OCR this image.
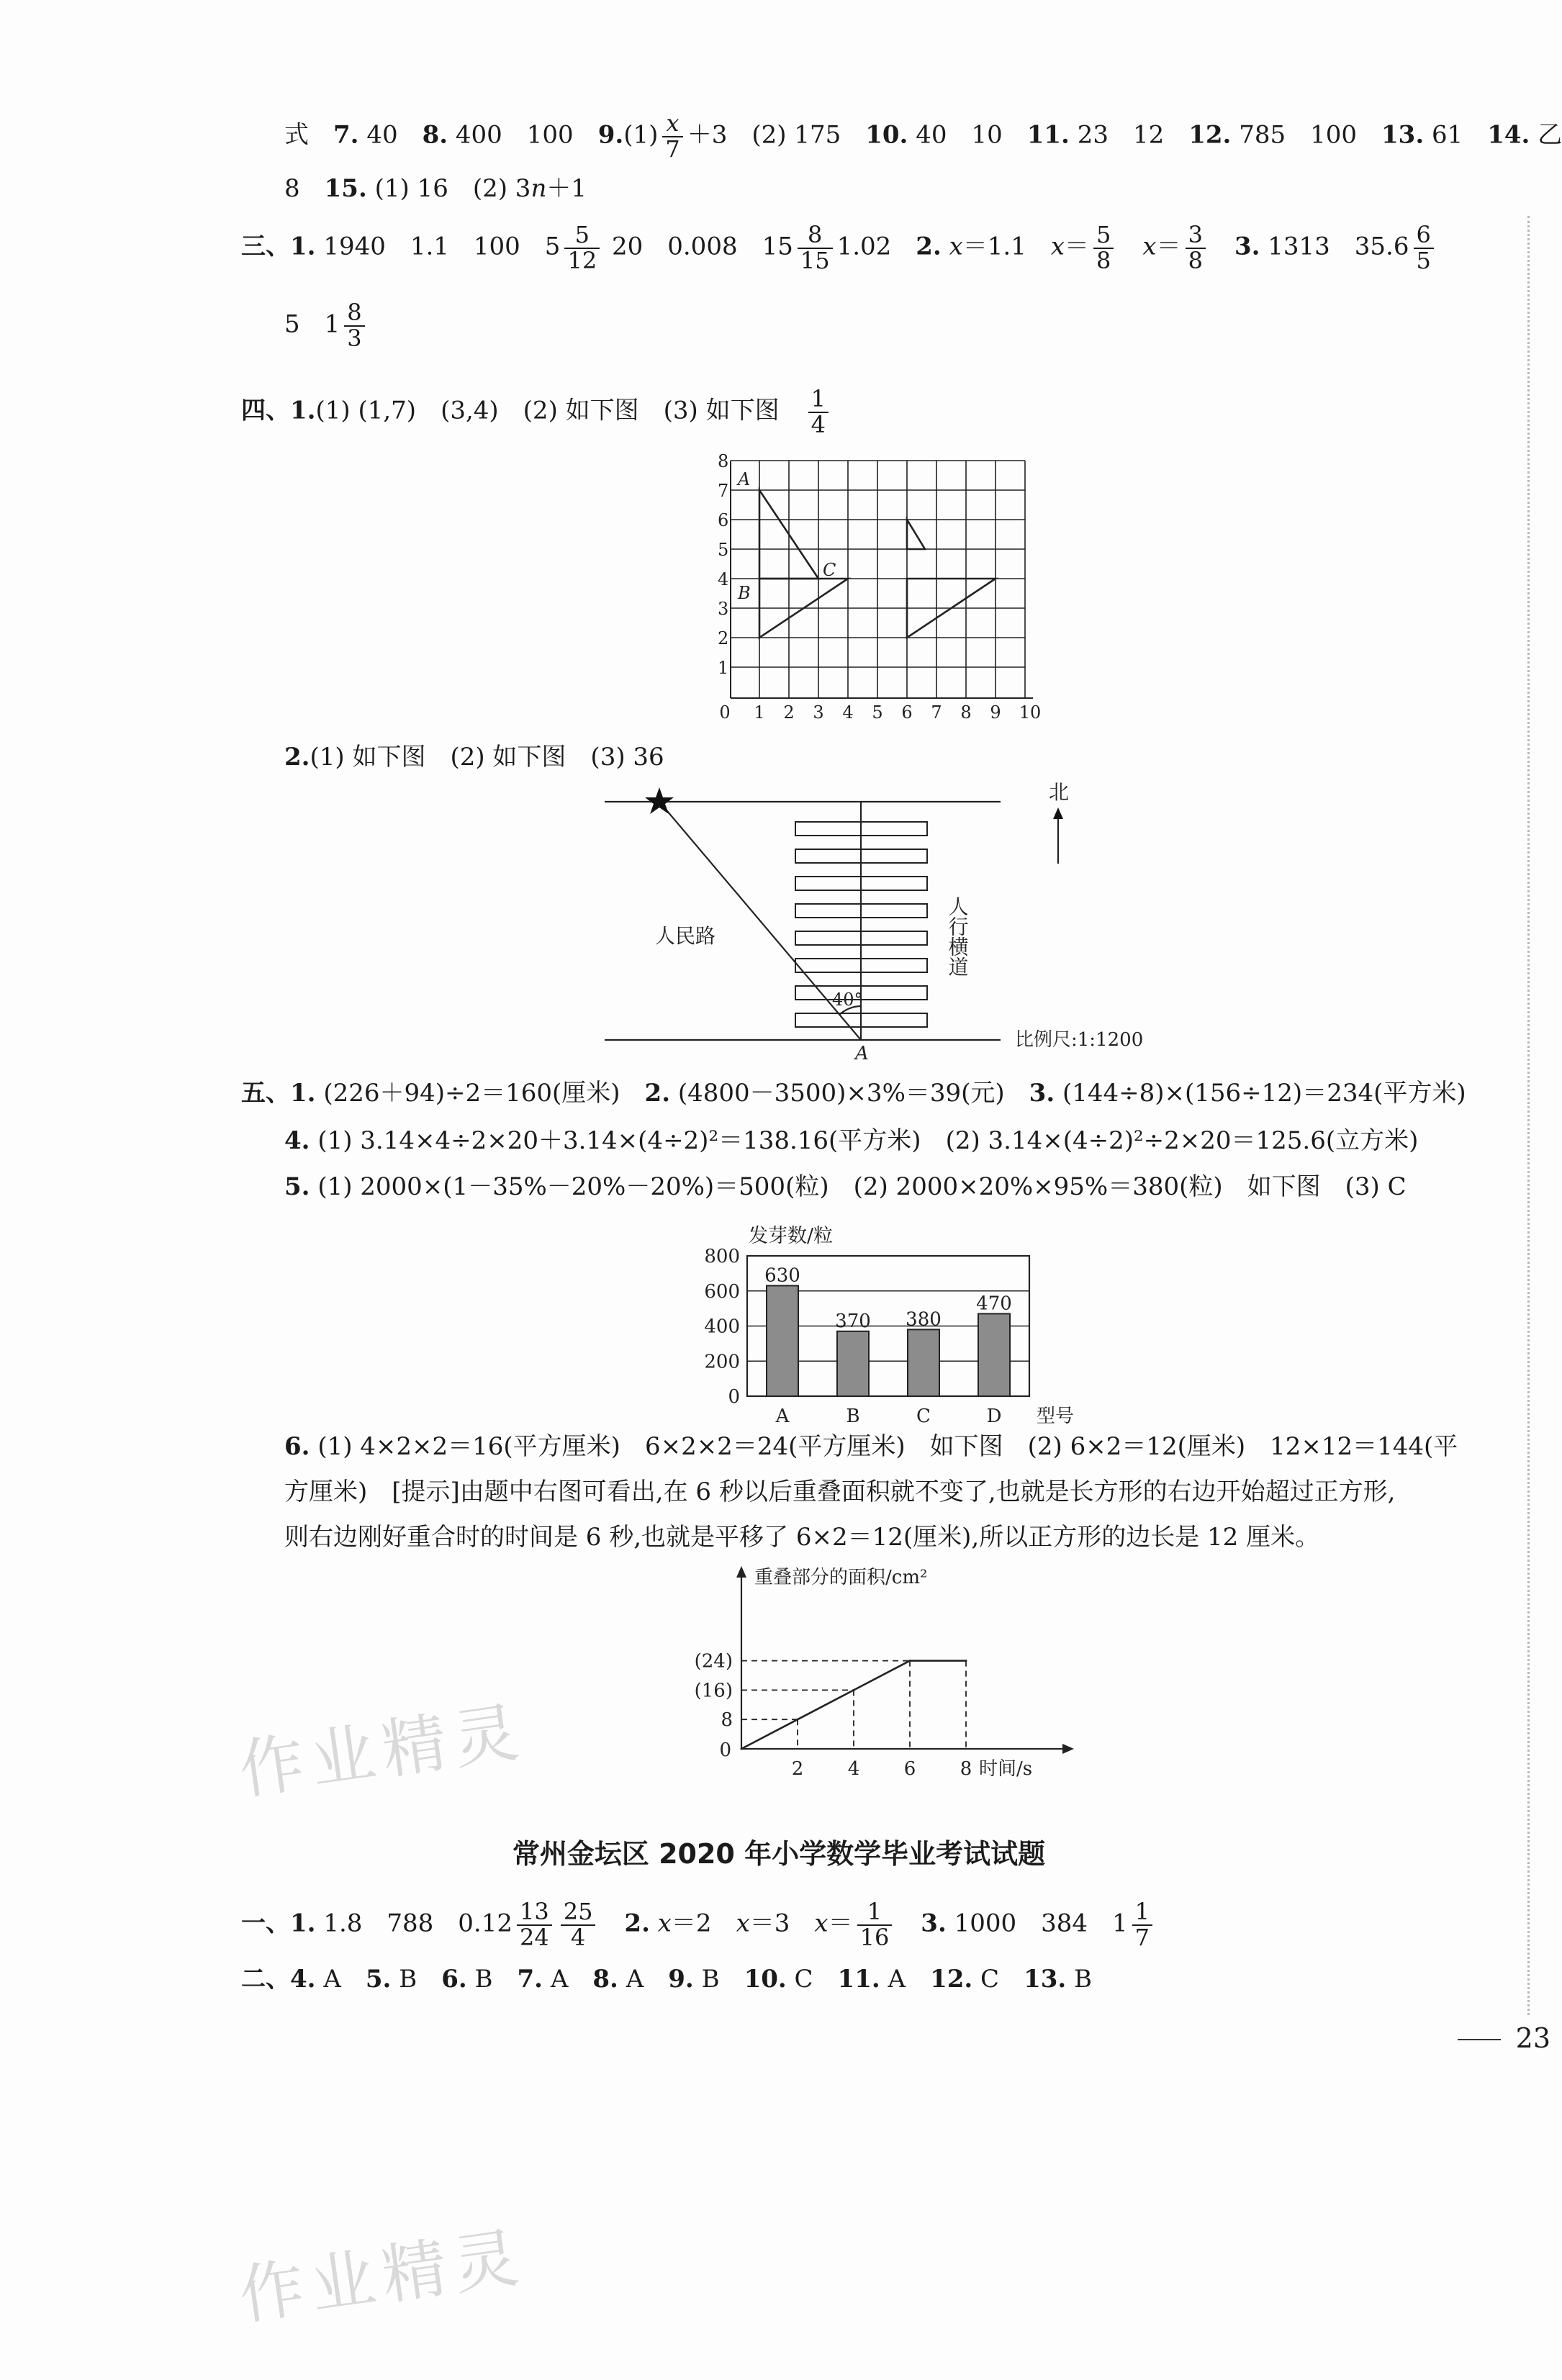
式　 7. 40　 8. 400　100　 $9.(1) \frac{x}{7} +3$　 (2) 175　 10. 40　10　 11. 23　12　 12. 785　100　 13. 61　 14. 乙
8　 15. (1) 16　(2) 3n＋1
三、1. 1940　1.1　100　$5 \frac{5}{12} 20$　0.008　$15 \frac{8}{15} 1.02$　 2. x＝1.1　 $x= \frac{5}{8}$
　 $x= \frac{3}{8}$
　 3. 1313　$35.6 \frac{6}{5}$
5　$1 \frac{8}{3}$
四、1.(1) (1,7)　(3,4)　(2) 如下图　(3) 如下图　 $\frac{1}{4}$
A
B
C
0 1 2 3 4 5 6 7 8 9 10
1
2
3
4
5
6
7
8
2.(1) 如下图　(2) 如下图　(3) 36
北
人民路
40°
A
比例尺:1:1200
人行横道
五、1. (226＋94)÷2＝160(厘米)　 2. (4800－3500)×3%＝39(元)　 3. (144÷8)×(156÷12)＝234(平方米)
4. (1) 3.14×4÷2×20＋3.14×(4÷2)²＝138.16(平方米)　(2) 3.14×(4÷2)²÷2×20＝125.6(立方米)
5. (1) 2000×(1－35%－20%－20%)＝500(粒)　(2) 2000×20%×95%＝380(粒)　如下图　(3) C
0
200
400
600
800
发芽数/粒
630
A
370
B
380
C
470
D 型号
6. (1) 4×2×2＝16(平方厘米)　6×2×2＝24(平方厘米)　如下图　(2) 6×2＝12(厘米)　12×12＝144(平
方厘米)　[提示]由题中右图可看出,在 6 秒以后重叠面积就不变了,也就是长方形的右边开始超过正方形,
则右边刚好重合时的时间是 6 秒,也就是平移了 6×2＝12(厘米),所以正方形的边长是 12 厘米。
重叠部分的面积/cm²
0
2 4 6 8 时间/s
8
(16)
(24)
常州金坛区 2020 年小学数学毕业考试试题
一、1. 1.8　788　$0.12 \frac{13}{24} \frac{25}{4}$
　 2. x＝2　 x＝3　 $x= \frac{1}{16}$
　 3. 1000　384　$1 \frac{1}{7}$
二、4. A　 5. B　 6. B　 7. A　 8. A　 9. B　 10. C　 11. A　 12. C　 13. B
23
作业精灵
作业精灵
